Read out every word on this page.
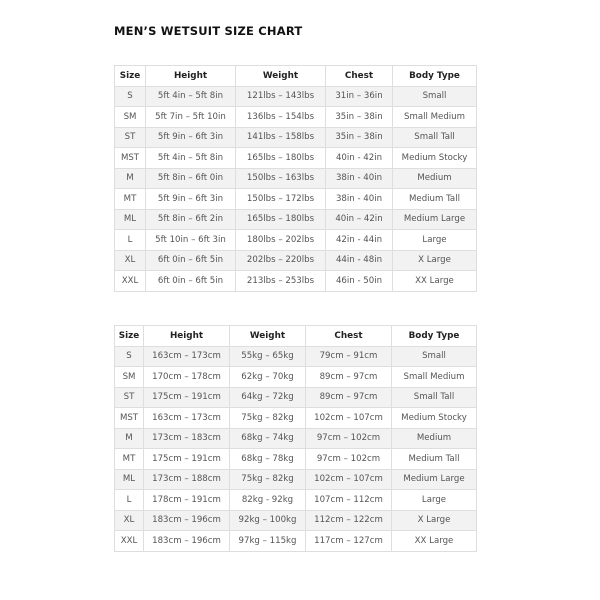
MEN’S WETSUIT SIZE CHART
Size	Height	Weight	Chest	Body Type
S	5ft 4in – 5ft 8in	121lbs – 143lbs	31in – 36in	Small
SM	5ft 7in – 5ft 10in	136lbs – 154lbs	35in – 38in	Small Medium
ST	5ft 9in – 6ft 3in	141lbs – 158lbs	35in – 38in	Small Tall
MST	5ft 4in – 5ft 8in	165lbs – 180lbs	40in - 42in	Medium Stocky
M	5ft 8in – 6ft 0in	150lbs – 163lbs	38in - 40in	Medium
MT	5ft 9in – 6ft 3in	150lbs – 172lbs	38in - 40in	Medium Tall
ML	5ft 8in – 6ft 2in	165lbs – 180lbs	40in – 42in	Medium Large
L	5ft 10in – 6ft 3in	180lbs – 202lbs	42in - 44in	Large
XL	6ft 0in – 6ft 5in	202lbs – 220lbs	44in - 48in	X Large
XXL	6ft 0in – 6ft 5in	213lbs – 253lbs	46in - 50in	XX Large
Size	Height	Weight	Chest	Body Type
S	163cm – 173cm	55kg – 65kg	79cm – 91cm	Small
SM	170cm – 178cm	62kg – 70kg	89cm – 97cm	Small Medium
ST	175cm – 191cm	64kg – 72kg	89cm – 97cm	Small Tall
MST	163cm – 173cm	75kg – 82kg	102cm – 107cm	Medium Stocky
M	173cm – 183cm	68kg – 74kg	97cm – 102cm	Medium
MT	175cm – 191cm	68kg – 78kg	97cm – 102cm	Medium Tall
ML	173cm – 188cm	75kg – 82kg	102cm – 107cm	Medium Large
L	178cm – 191cm	82kg - 92kg	107cm – 112cm	Large
XL	183cm – 196cm	92kg – 100kg	112cm – 122cm	X Large
XXL	183cm – 196cm	97kg – 115kg	117cm – 127cm	XX Large
